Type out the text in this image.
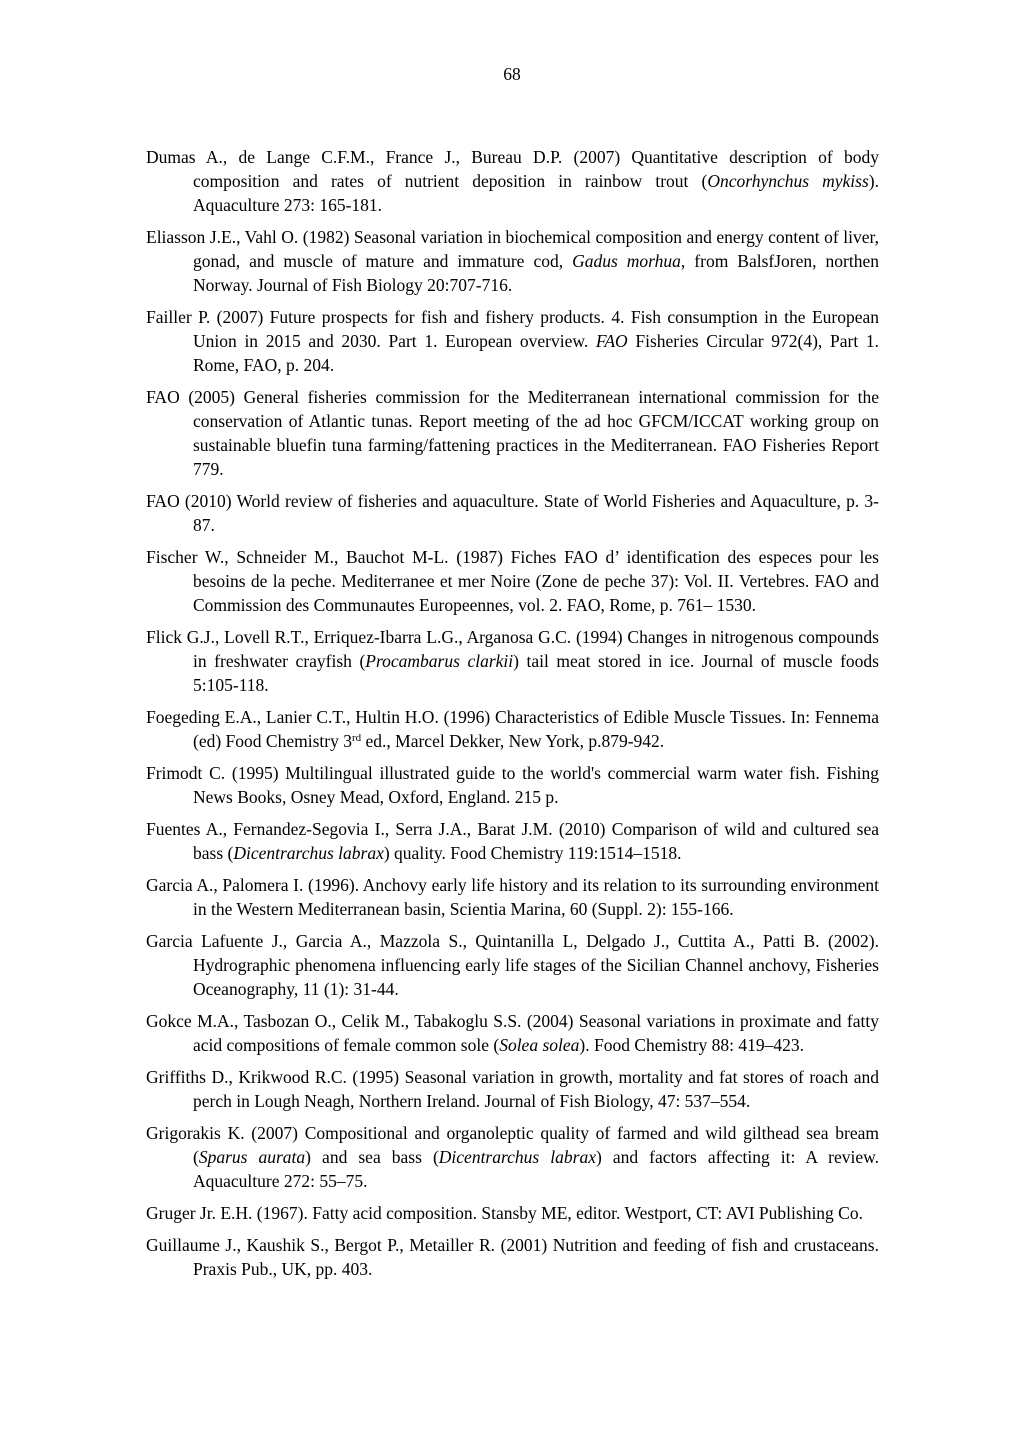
68

Dumas A., de Lange C.F.M., France J., Bureau D.P. (2007) Quantitative description of body composition and rates of nutrient deposition in rainbow trout (Oncorhynchus mykiss). Aquaculture 273: 165-181.

Eliasson J.E., Vahl O. (1982) Seasonal variation in biochemical composition and energy content of liver, gonad, and muscle of mature and immature cod, Gadus morhua, from BalsfJoren, northen Norway. Journal of Fish Biology 20:707-716.

Failler P. (2007) Future prospects for fish and fishery products. 4. Fish consumption in the European Union in 2015 and 2030. Part 1. European overview. FAO Fisheries Circular 972(4), Part 1. Rome, FAO, p. 204.

FAO (2005) General fisheries commission for the Mediterranean international commission for the conservation of Atlantic tunas. Report meeting of the ad hoc GFCM/ICCAT working group on sustainable bluefin tuna farming/fattening practices in the Mediterranean. FAO Fisheries Report 779.

FAO (2010) World review of fisheries and aquaculture. State of World Fisheries and Aquaculture, p. 3-87.

Fischer W., Schneider M., Bauchot M-L. (1987) Fiches FAO d’ identification des especes pour les besoins de la peche. Mediterranee et mer Noire (Zone de peche 37): Vol. II. Vertebres. FAO and Commission des Communautes Europeennes, vol. 2. FAO, Rome, p. 761– 1530.

Flick G.J., Lovell R.T., Erriquez-Ibarra L.G., Arganosa G.C. (1994) Changes in nitrogenous compounds in freshwater crayfish (Procambarus clarkii) tail meat stored in ice. Journal of muscle foods 5:105-118.

Foegeding E.A., Lanier C.T., Hultin H.O. (1996) Characteristics of Edible Muscle Tissues. In: Fennema (ed) Food Chemistry 3rd ed., Marcel Dekker, New York, p.879-942.

Frimodt C. (1995) Multilingual illustrated guide to the world's commercial warm water fish. Fishing News Books, Osney Mead, Oxford, England. 215 p.

Fuentes A., Fernandez-Segovia I., Serra J.A., Barat J.M. (2010) Comparison of wild and cultured sea bass (Dicentrarchus labrax) quality. Food Chemistry 119:1514–1518.

Garcia A., Palomera I. (1996). Anchovy early life history and its relation to its surrounding environment in the Western Mediterranean basin, Scientia Marina, 60 (Suppl. 2): 155-166.

Garcia Lafuente J., Garcia A., Mazzola S., Quintanilla L, Delgado J., Cuttita A., Patti B. (2002). Hydrographic phenomena influencing early life stages of the Sicilian Channel anchovy, Fisheries Oceanography, 11 (1): 31-44.

Gokce M.A., Tasbozan O., Celik M., Tabakoglu S.S. (2004) Seasonal variations in proximate and fatty acid compositions of female common sole (Solea solea). Food Chemistry 88: 419–423.

Griffiths D., Krikwood R.C. (1995) Seasonal variation in growth, mortality and fat stores of roach and perch in Lough Neagh, Northern Ireland. Journal of Fish Biology, 47: 537–554.

Grigorakis K. (2007) Compositional and organoleptic quality of farmed and wild gilthead sea bream (Sparus aurata) and sea bass (Dicentrarchus labrax) and factors affecting it: A review. Aquaculture 272: 55–75.

Gruger Jr. E.H. (1967). Fatty acid composition. Stansby ME, editor. Westport, CT: AVI Publishing Co.

Guillaume J., Kaushik S., Bergot P., Metailler R. (2001) Nutrition and feeding of fish and crustaceans. Praxis Pub., UK, pp. 403.
